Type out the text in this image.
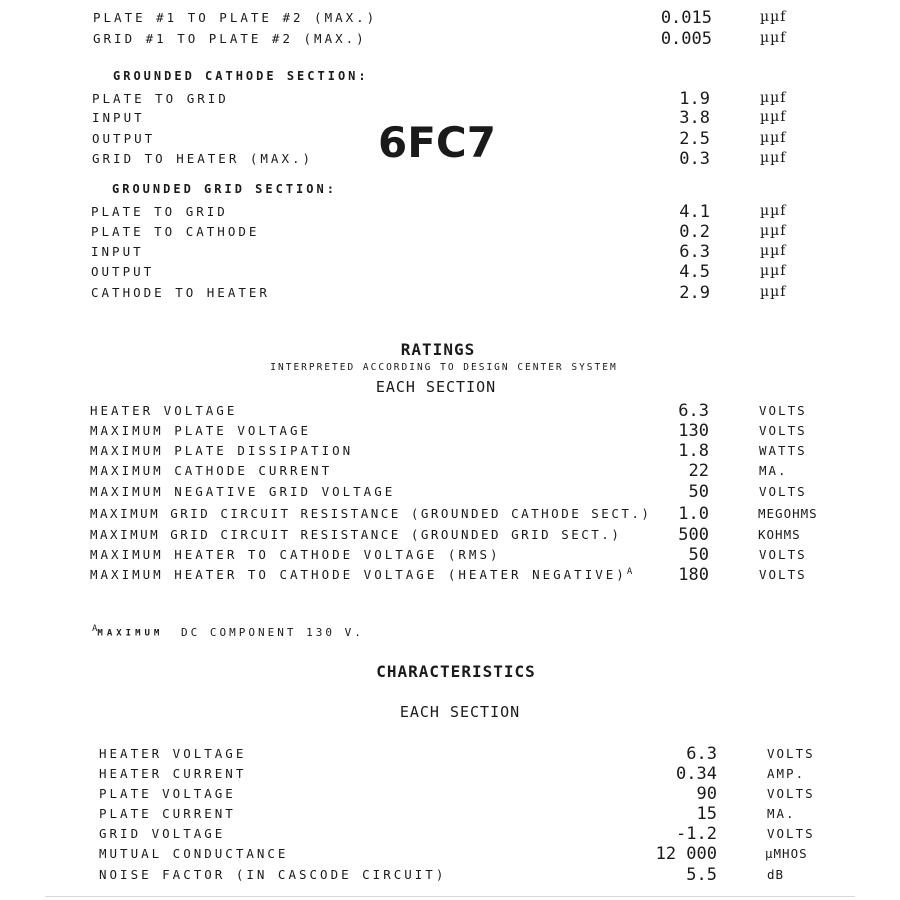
PLATE #1 TO PLATE #2 (MAX.)	0.015	µµf
GRID #1 TO PLATE #2 (MAX.)	0.005	µµf
GROUNDED CATHODE SECTION:
PLATE TO GRID	1.9	µµf
INPUT	3.8	µµf
OUTPUT	2.5	µµf
GRID TO HEATER (MAX.)	0.3	µµf
6FC7
GROUNDED GRID SECTION:
PLATE TO GRID	4.1	µµf
PLATE TO CATHODE	0.2	µµf
INPUT	6.3	µµf
OUTPUT	4.5	µµf
CATHODE TO HEATER	2.9	µµf
RATINGS
INTERPRETED ACCORDING TO DESIGN CENTER SYSTEM
EACH SECTION
HEATER VOLTAGE	6.3	VOLTS
MAXIMUM PLATE VOLTAGE	130	VOLTS
MAXIMUM PLATE DISSIPATION	1.8	WATTS
MAXIMUM CATHODE CURRENT	22	MA.
MAXIMUM NEGATIVE GRID VOLTAGE	50	VOLTS
MAXIMUM GRID CIRCUIT RESISTANCE (GROUNDED CATHODE SECT.)	1.0	MEGOHMS
MAXIMUM GRID CIRCUIT RESISTANCE (GROUNDED GRID SECT.)	500	KOHMS
MAXIMUM HEATER TO CATHODE VOLTAGE (RMS)	50	VOLTS
MAXIMUM HEATER TO CATHODE VOLTAGE (HEATER NEGATIVE)$^A$	180	VOLTS
$^A$MAXIMUM DC COMPONENT 130 V.
CHARACTERISTICS
EACH SECTION
HEATER VOLTAGE	6.3	VOLTS
HEATER CURRENT	0.34	AMP.
PLATE VOLTAGE	90	VOLTS
PLATE CURRENT	15	MA.
GRID VOLTAGE	-1.2	VOLTS
MUTUAL CONDUCTANCE	12 000	µMHOS
NOISE FACTOR (IN CASCODE CIRCUIT)	5.5	dB
